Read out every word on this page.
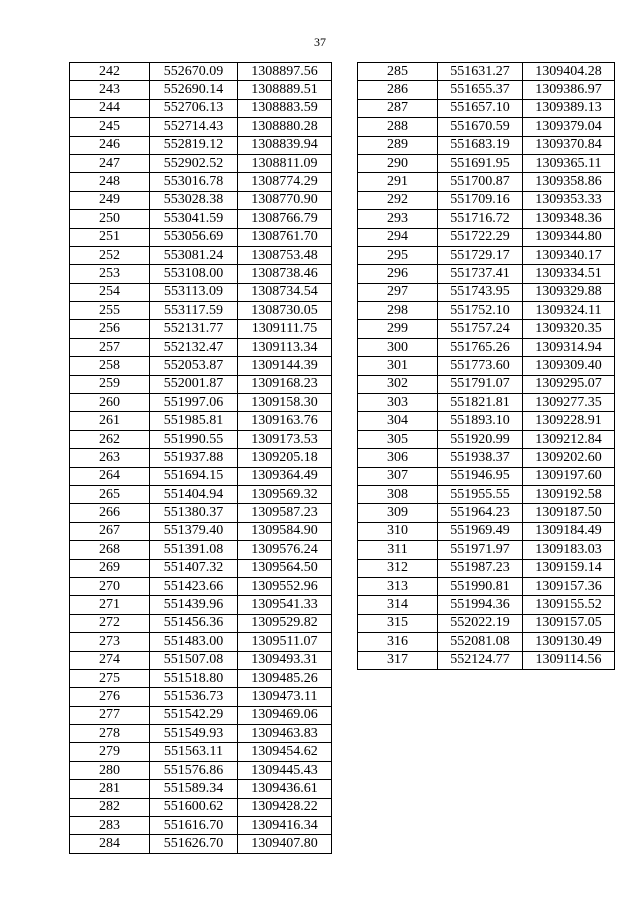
37
242	552670.09	1308897.56
243	552690.14	1308889.51
244	552706.13	1308883.59
245	552714.43	1308880.28
246	552819.12	1308839.94
247	552902.52	1308811.09
248	553016.78	1308774.29
249	553028.38	1308770.90
250	553041.59	1308766.79
251	553056.69	1308761.70
252	553081.24	1308753.48
253	553108.00	1308738.46
254	553113.09	1308734.54
255	553117.59	1308730.05
256	552131.77	1309111.75
257	552132.47	1309113.34
258	552053.87	1309144.39
259	552001.87	1309168.23
260	551997.06	1309158.30
261	551985.81	1309163.76
262	551990.55	1309173.53
263	551937.88	1309205.18
264	551694.15	1309364.49
265	551404.94	1309569.32
266	551380.37	1309587.23
267	551379.40	1309584.90
268	551391.08	1309576.24
269	551407.32	1309564.50
270	551423.66	1309552.96
271	551439.96	1309541.33
272	551456.36	1309529.82
273	551483.00	1309511.07
274	551507.08	1309493.31
275	551518.80	1309485.26
276	551536.73	1309473.11
277	551542.29	1309469.06
278	551549.93	1309463.83
279	551563.11	1309454.62
280	551576.86	1309445.43
281	551589.34	1309436.61
282	551600.62	1309428.22
283	551616.70	1309416.34
284	551626.70	1309407.80
285	551631.27	1309404.28
286	551655.37	1309386.97
287	551657.10	1309389.13
288	551670.59	1309379.04
289	551683.19	1309370.84
290	551691.95	1309365.11
291	551700.87	1309358.86
292	551709.16	1309353.33
293	551716.72	1309348.36
294	551722.29	1309344.80
295	551729.17	1309340.17
296	551737.41	1309334.51
297	551743.95	1309329.88
298	551752.10	1309324.11
299	551757.24	1309320.35
300	551765.26	1309314.94
301	551773.60	1309309.40
302	551791.07	1309295.07
303	551821.81	1309277.35
304	551893.10	1309228.91
305	551920.99	1309212.84
306	551938.37	1309202.60
307	551946.95	1309197.60
308	551955.55	1309192.58
309	551964.23	1309187.50
310	551969.49	1309184.49
311	551971.97	1309183.03
312	551987.23	1309159.14
313	551990.81	1309157.36
314	551994.36	1309155.52
315	552022.19	1309157.05
316	552081.08	1309130.49
317	552124.77	1309114.56
